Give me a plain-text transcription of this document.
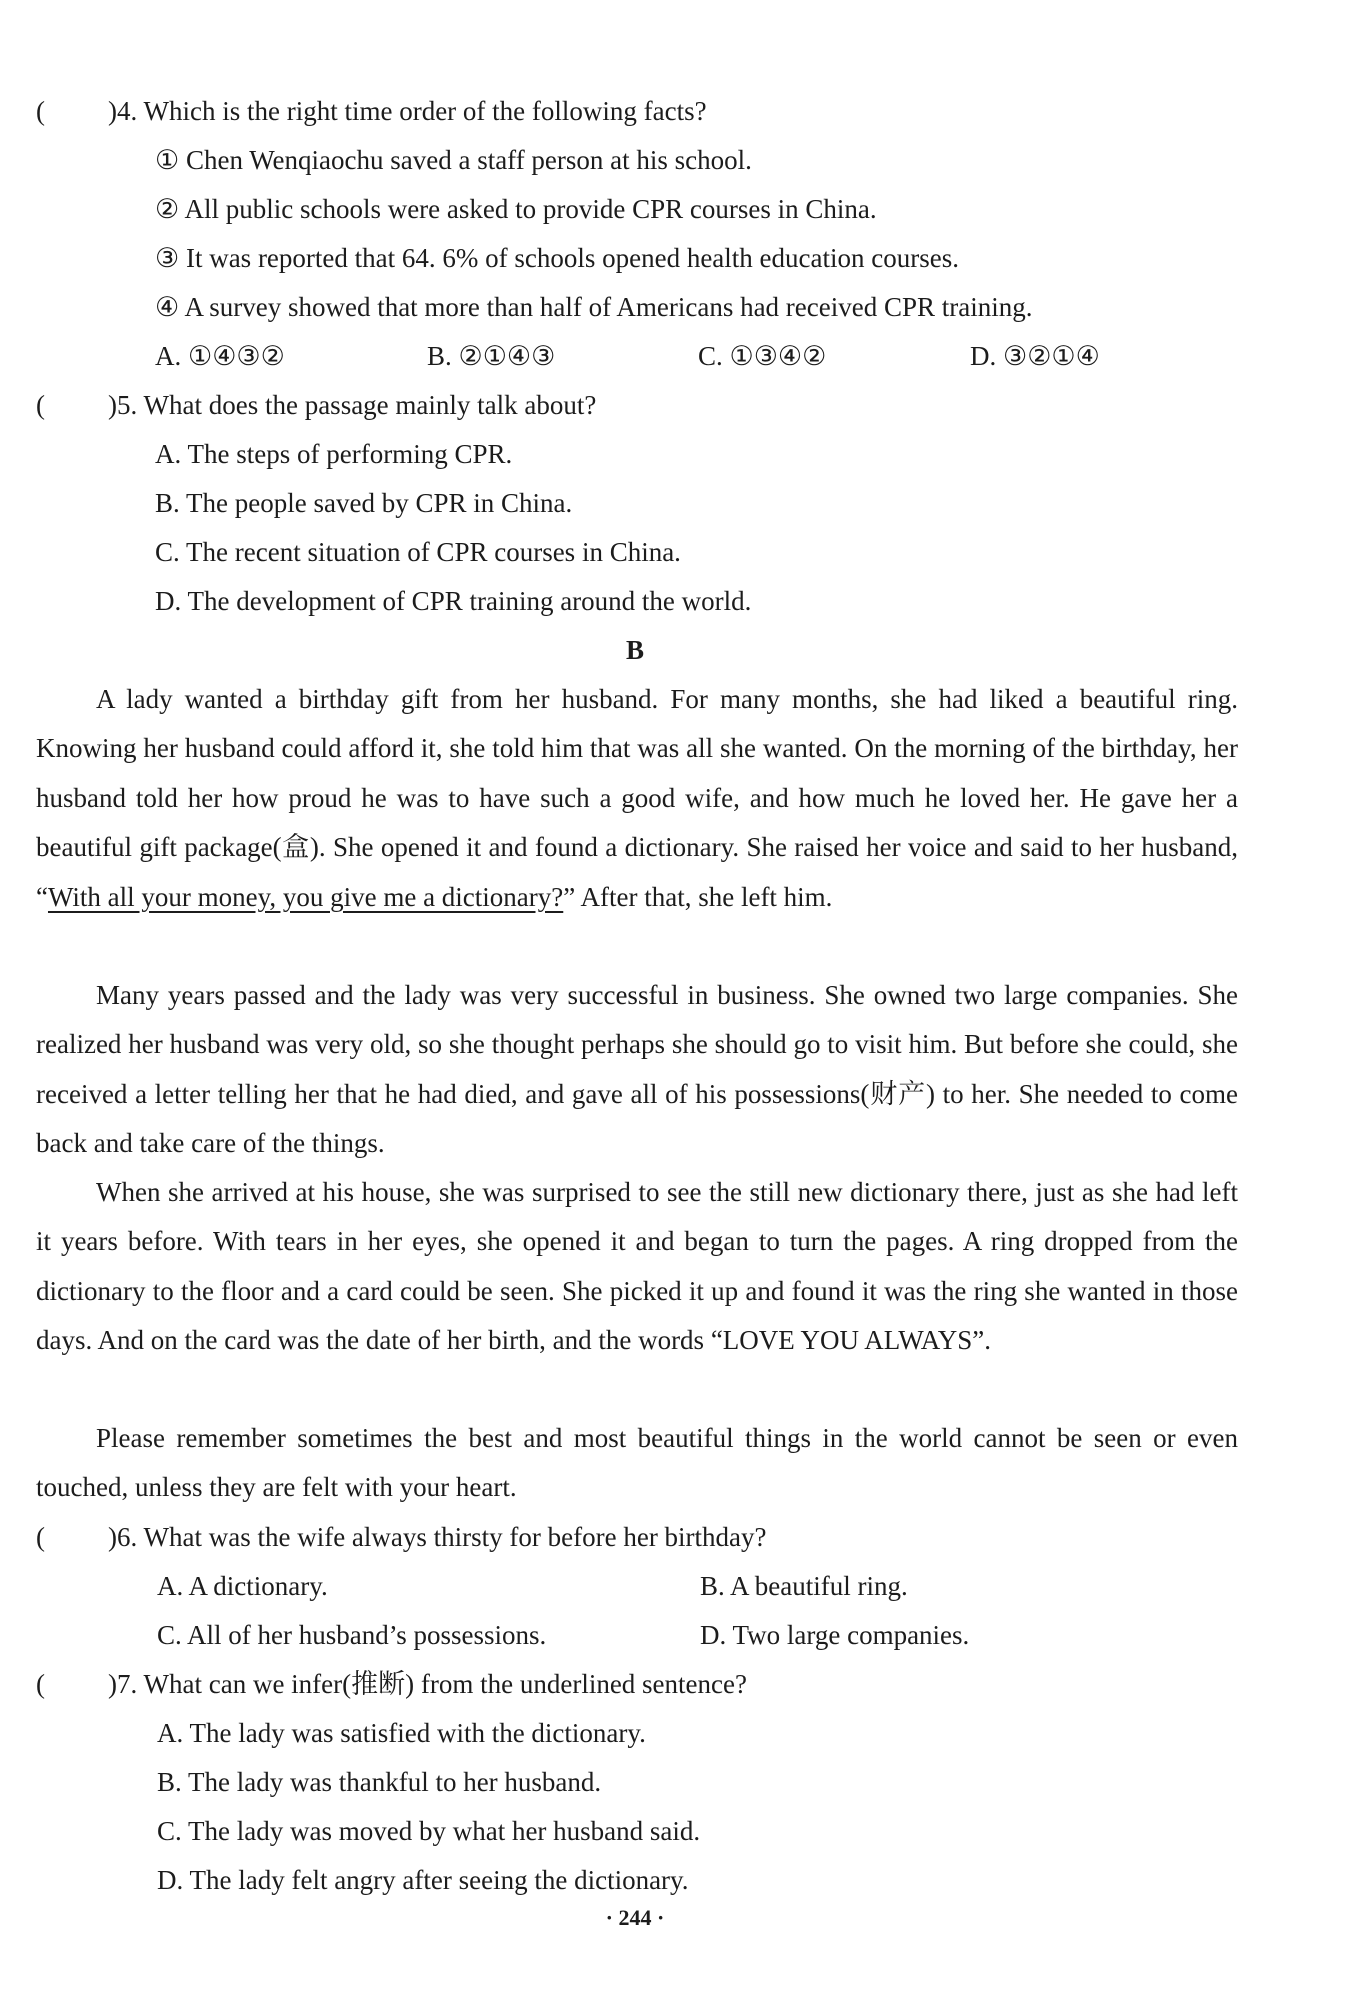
( )4. Which is the right time order of the following facts?
① Chen Wenqiaochu saved a staff person at his school.
② All public schools were asked to provide CPR courses in China.
③ It was reported that 64. 6% of schools opened health education courses.
④ A survey showed that more than half of Americans had received CPR training.
A. ①④③②	B. ②①④③	C. ①③④②	D. ③②①④
( )5. What does the passage mainly talk about?
A. The steps of performing CPR.
B. The people saved by CPR in China.
C. The recent situation of CPR courses in China.
D. The development of CPR training around the world.
B

A lady wanted a birthday gift from her husband. For many months, she had liked a beautiful ring. Knowing her husband could afford it, she told him that was all she wanted. On the morning of the birthday, her husband told her how proud he was to have such a good wife, and how much he loved her. He gave her a beautiful gift package(盒). She opened it and found a dictionary. She raised her voice and said to her husband, “With all your money, you give me a dictionary?” After that, she left him.

Many years passed and the lady was very successful in business. She owned two large companies. She realized her husband was very old, so she thought perhaps she should go to visit him. But before she could, she received a letter telling her that he had died, and gave all of his possessions(财产) to her. She needed to come back and take care of the things.

When she arrived at his house, she was surprised to see the still new dictionary there, just as she had left it years before. With tears in her eyes, she opened it and began to turn the pages. A ring dropped from the dictionary to the floor and a card could be seen. She picked it up and found it was the ring she wanted in those days. And on the card was the date of her birth, and the words “LOVE YOU ALWAYS”.

Please remember sometimes the best and most beautiful things in the world cannot be seen or even touched, unless they are felt with your heart.

( )6. What was the wife always thirsty for before her birthday?
A. A dictionary.	B. A beautiful ring.
C. All of her husband’s possessions.	D. Two large companies.
( )7. What can we infer(推断) from the underlined sentence?
A. The lady was satisfied with the dictionary.
B. The lady was thankful to her husband.
C. The lady was moved by what her husband said.
D. The lady felt angry after seeing the dictionary.
· 244 ·
